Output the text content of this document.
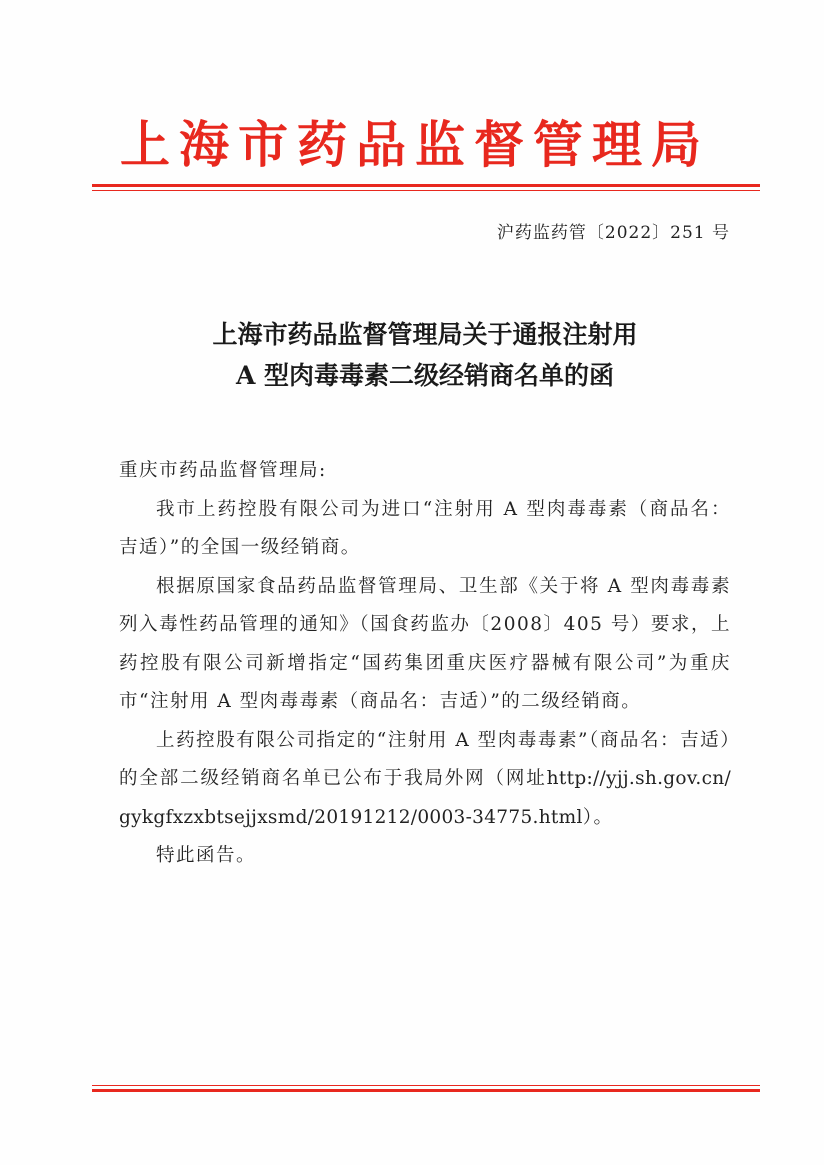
上海市药品监督管理局
沪药监药管〔2022〕251 号
上海市药品监督管理局关于通报注射用
A 型肉毒毒素二级经销商名单的函

重庆市药品监督管理局:

我市上药控股有限公司为进口“注射用 A 型肉毒毒素（商品名：吉适）”的全国一级经销商。

根据原国家食品药品监督管理局、卫生部《关于将 A 型肉毒毒素列入毒性药品管理的通知》（国食药监办〔2008〕405 号）要求，上药控股有限公司新增指定“国药集团重庆医疗器械有限公司”为重庆市“注射用 A 型肉毒毒素（商品名：吉适）”的二级经销商。

上药控股有限公司指定的“注射用 A 型肉毒毒素”（商品名：吉适）的全部二级经销商名单已公布于我局外网（网址http://yjj.sh.gov.cn/gykgfxzxbtsejjxsmd/20191212/0003-34775.html）。

特此函告。
